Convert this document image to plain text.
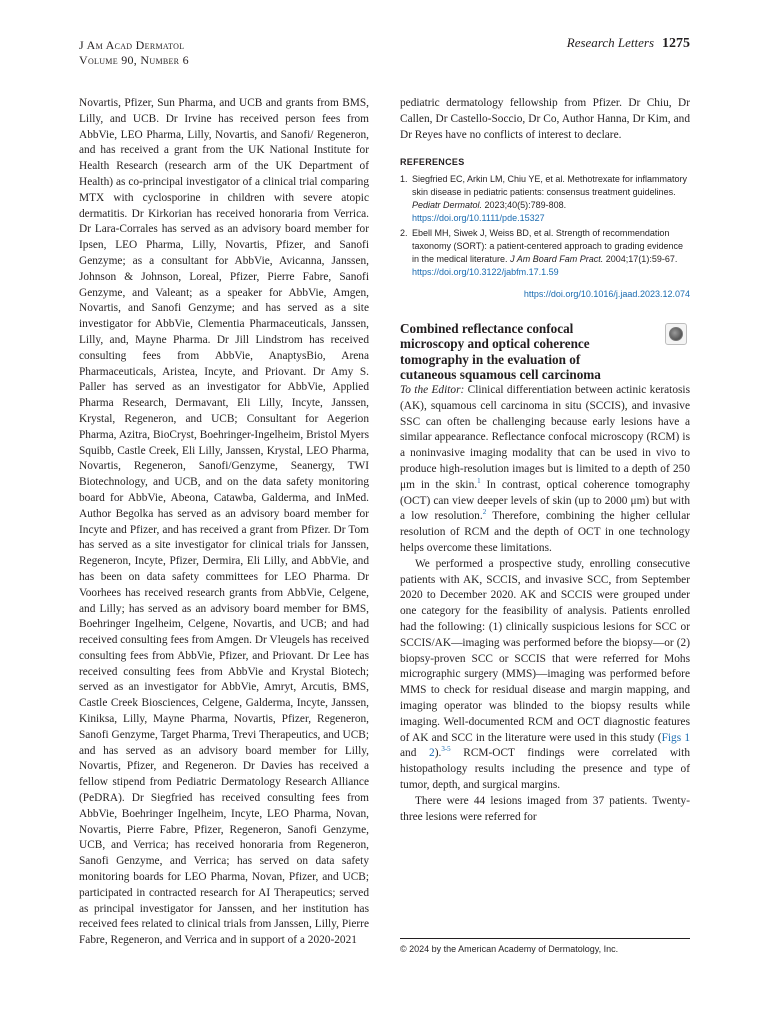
J Am Acad Dermatol
Volume 90, Number 6
Research Letters 1275

Novartis, Pfizer, Sun Pharma, and UCB and grants from BMS, Lilly, and UCB. Dr Irvine has received person fees from AbbVie, LEO Pharma, Lilly, Novartis, and Sanofi/ Regeneron, and has received a grant from the UK National Institute for Health Research (research arm of the UK Department of Health) as co-principal investigator of a clinical trial comparing MTX with cyclosporine in children with severe atopic dermatitis. Dr Kirkorian has received honoraria from Verrica. Dr Lara-Corrales has served as an advisory board member for Ipsen, LEO Pharma, Lilly, Novartis, Pfizer, and Sanofi Genzyme; as a consultant for AbbVie, Avicanna, Janssen, Johnson & Johnson, Loreal, Pfizer, Pierre Fabre, Sanofi Genzyme, and Valeant; as a speaker for AbbVie, Amgen, Novartis, and Sanofi Genzyme; and has served as a site investigator for AbbVie, Clementia Pharmaceuticals, Janssen, Lilly, and, Mayne Pharma. Dr Jill Lindstrom has received consulting fees from AbbVie, AnaptysBio, Arena Pharmaceuticals, Aristea, Incyte, and Priovant. Dr Amy S. Paller has served as an investigator for AbbVie, Applied Pharma Research, Dermavant, Eli Lilly, Incyte, Janssen, Krystal, Regeneron, and UCB; Consultant for Aegerion Pharma, Azitra, BioCryst, Boehringer-Ingelheim, Bristol Myers Squibb, Castle Creek, Eli Lilly, Janssen, Krystal, LEO Pharma, Novartis, Regeneron, Sanofi/Genzyme, Seanergy, TWI Biotechnology, and UCB, and on the data safety monitoring board for AbbVie, Abeona, Catawba, Galderma, and InMed. Author Begolka has served as an advisory board member for Incyte and Pfizer, and has received a grant from Pfizer. Dr Tom has served as a site investigator for clinical trials for Janssen, Regeneron, Incyte, Pfizer, Dermira, Eli Lilly, and AbbVie, and has been on data safety committees for LEO Pharma. Dr Voorhees has received research grants from AbbVie, Celgene, and Lilly; has served as an advisory board member for BMS, Boehringer Ingelheim, Celgene, Novartis, and UCB; and had received consulting fees from Amgen. Dr Vleugels has received consulting fees from AbbVie, Pfizer, and Priovant. Dr Lee has received consulting fees from AbbVie and Krystal Biotech; served as an investigator for AbbVie, Amryt, Arcutis, BMS, Castle Creek Biosciences, Celgene, Galderma, Incyte, Janssen, Kiniksa, Lilly, Mayne Pharma, Novartis, Pfizer, Regeneron, Sanofi Genzyme, Target Pharma, Trevi Therapeutics, and UCB; and has served as an advisory board member for Lilly, Novartis, Pfizer, and Regeneron. Dr Davies has received a fellow stipend from Pediatric Dermatology Research Alliance (PeDRA). Dr Siegfried has received consulting fees from AbbVie, Boehringer Ingelheim, Incyte, LEO Pharma, Novan, Novartis, Pierre Fabre, Pfizer, Regeneron, Sanofi Genzyme, UCB, and Verrica; has received honoraria from Regeneron, Sanofi Genzyme, and Verrica; has served on data safety monitoring boards for LEO Pharma, Novan, Pfizer, and UCB; participated in contracted research for AI Therapeutics; served as principal investigator for Janssen, and her institution has received fees related to clinical trials from Janssen, Lilly, Pierre Fabre, Regeneron, and Verrica and in support of a 2020-2021

pediatric dermatology fellowship from Pfizer. Dr Chiu, Dr Callen, Dr Castello-Soccio, Dr Co, Author Hanna, Dr Kim, and Dr Reyes have no conflicts of interest to declare.

REFERENCES
1. Siegfried EC, Arkin LM, Chiu YE, et al. Methotrexate for inflammatory skin disease in pediatric patients: consensus treatment guidelines. Pediatr Dermatol. 2023;40(5):789-808. https://doi.org/10.1111/pde.15327
2. Ebell MH, Siwek J, Weiss BD, et al. Strength of recommendation taxonomy (SORT): a patient-centered approach to grading evidence in the medical literature. J Am Board Fam Pract. 2004;17(1):59-67. https://doi.org/10.3122/jabfm.17.1.59
https://doi.org/10.1016/j.jaad.2023.12.074
Combined reflectance confocal microscopy and optical coherence tomography in the evaluation of cutaneous squamous cell carcinoma

To the Editor: Clinical differentiation between actinic keratosis (AK), squamous cell carcinoma in situ (SCCIS), and invasive SSC can often be challenging because early lesions have a similar appearance. Reflectance confocal microscopy (RCM) is a noninvasive imaging modality that can be used in vivo to produce high-resolution images but is limited to a depth of 250 μm in the skin.$^1$ In contrast, optical coherence tomography (OCT) can view deeper levels of skin (up to 2000 μm) but with a low resolution.$^2$ Therefore, combining the higher cellular resolution of RCM and the depth of OCT in one technology helps overcome these limitations.

We performed a prospective study, enrolling consecutive patients with AK, SCCIS, and invasive SCC, from September 2020 to December 2020. AK and SCCIS were grouped under one category for the feasibility of analysis. Patients enrolled had the following: (1) clinically suspicious lesions for SCC or SCCIS/AK—imaging was performed before the biopsy—or (2) biopsy-proven SCC or SCCIS that were referred for Mohs micrographic surgery (MMS)—imaging was performed before MMS to check for residual disease and margin mapping, and imaging operator was blinded to the biopsy results while imaging. Well-documented RCM and OCT diagnostic features of AK and SCC in the literature were used in this study (Figs 1 and 2).$^{3-5}$ RCM-OCT findings were correlated with histopathology results including the presence and type of tumor, depth, and surgical margins.

There were 44 lesions imaged from 37 patients. Twenty-three lesions were referred for

© 2024 by the American Academy of Dermatology, Inc.
